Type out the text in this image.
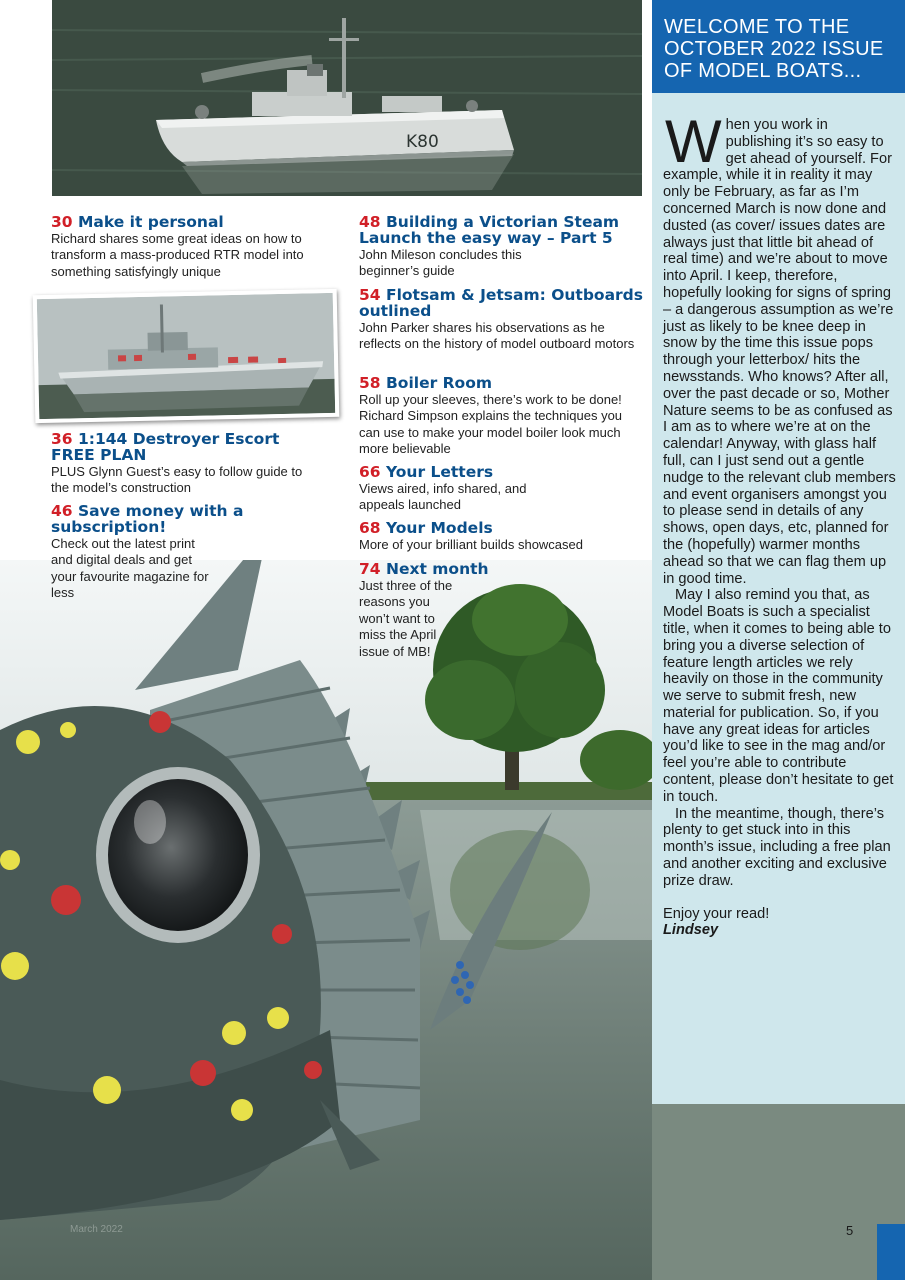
K80
30 Make it personal
Richard shares some great ideas on how to transform a mass-produced RTR model into something satisfyingly unique
36 1:144 Destroyer Escort FREE PLAN
PLUS Glynn Guest’s easy to follow guide to the model’s construction
46 Save money with a subscription!
Check out the latest print and digital deals and get your favourite magazine for less
48 Building a Victorian Steam Launch the easy way – Part 5
John Mileson concludes this beginner’s guide
54 Flotsam & Jetsam: Outboards outlined
John Parker shares his observations as he reflects on the history of model outboard motors
58 Boiler Room
Roll up your sleeves, there’s work to be done! Richard Simpson explains the techniques you can use to make your model boiler look much more believable
66 Your Letters
Views aired, info shared, and appeals launched
68 Your Models
More of your brilliant builds showcased
74 Next month
Just three of the reasons you won’t want to miss the April issue of MB!
WELCOME TO THE OCTOBER 2022 ISSUE OF MODEL BOATS...

When you work in publishing it’s so easy to get ahead of yourself. For example, while it in reality it may only be February, as far as I’m concerned March is now done and dusted (as cover/ issues dates are always just that little bit ahead of real time) and we’re about to move into April. I keep, therefore, hopefully looking for signs of spring – a dangerous assumption as we’re just as likely to be knee deep in snow by the time this issue pops through your letterbox/ hits the newsstands. Who knows? After all, over the past decade or so, Mother Nature seems to be as confused as I am as to where we’re at on the calendar! Anyway, with glass half full, can I just send out a gentle nudge to the relevant club members and event organisers amongst you to please send in details of any shows, open days, etc, planned for the (hopefully) warmer months ahead so that we can flag them up in good time.

May I also remind you that, as Model Boats is such a specialist title, when it comes to being able to bring you a diverse selection of feature length articles we rely heavily on those in the community we serve to submit fresh, new material for publication. So, if you have any great ideas for articles you’d like to see in the mag and/or feel you’re able to contribute content, please don’t hesitate to get in touch.

In the meantime, though, there’s plenty to get stuck into in this month’s issue, including a free plan and another exciting and exclusive prize draw.

Enjoy your read!

Lindsey

March 2022	5
